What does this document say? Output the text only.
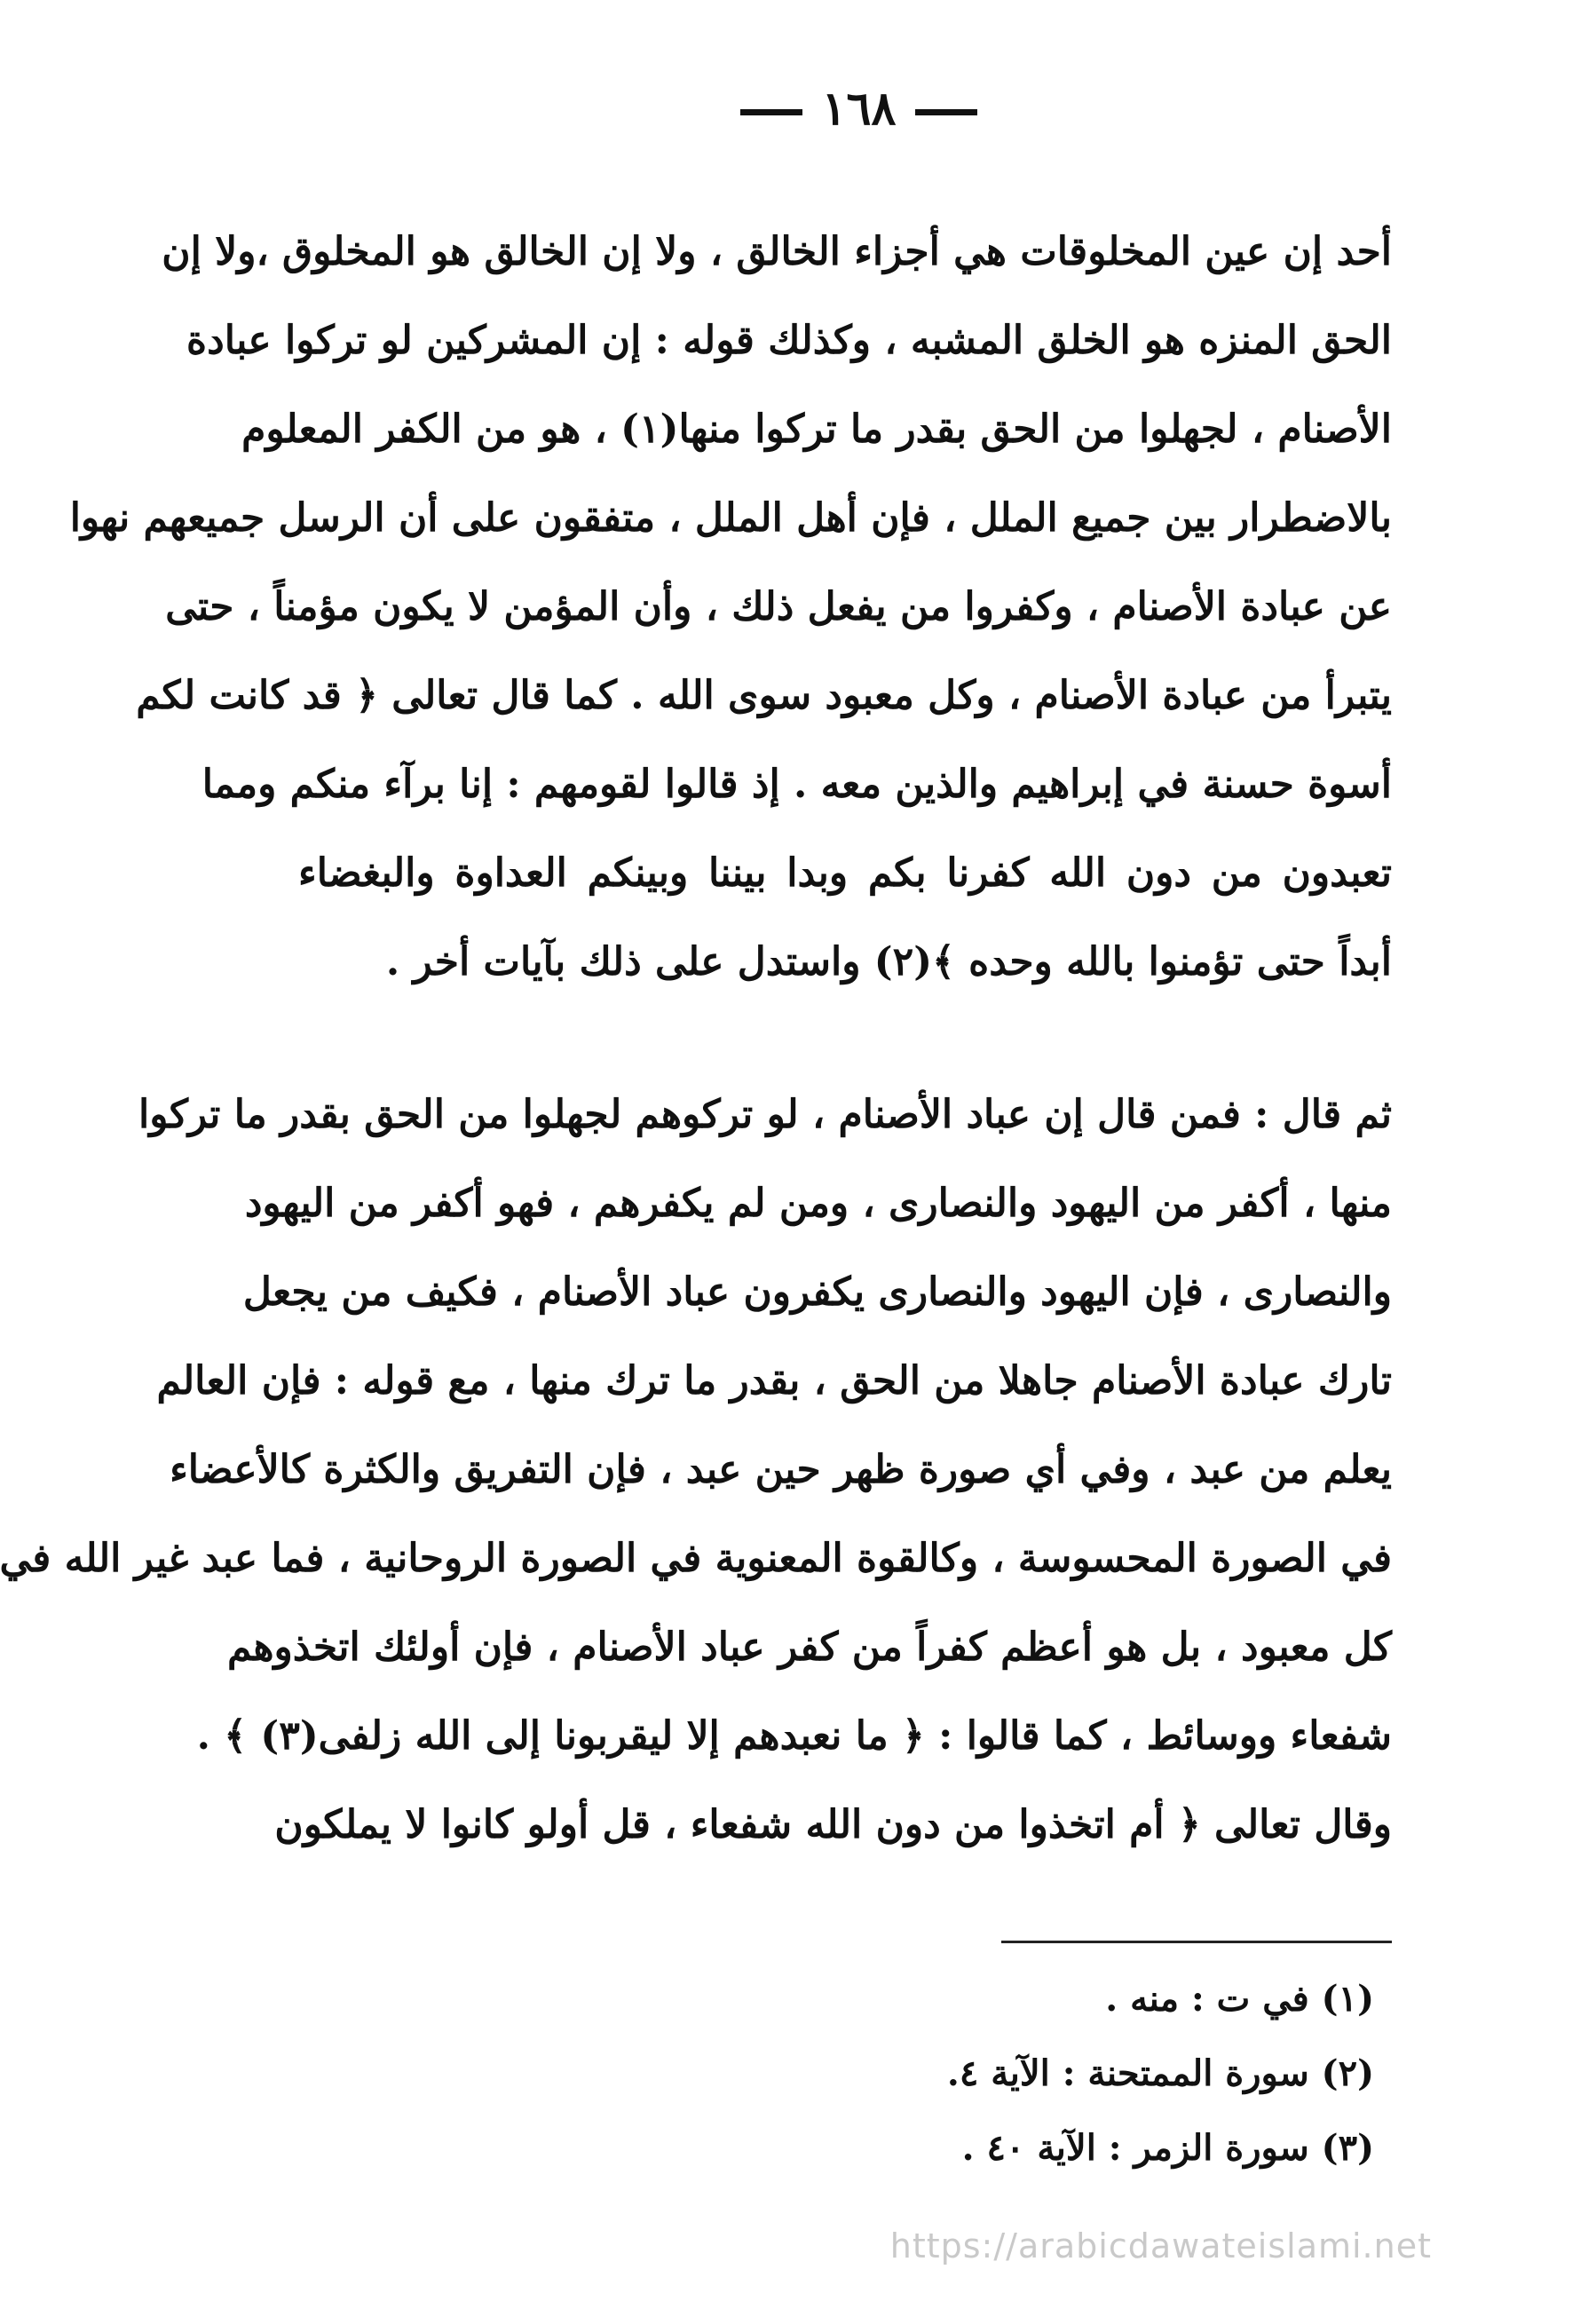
١٦٨
أحد إن عين المخلوقات هي أجزاء الخالق ، ولا إن الخالق هو المخلوق ،ولا إن
الحق المنزه هو الخلق المشبه ، وكذلك قوله : إن المشركين لو تركوا عبادة
الأصنام ، لجهلوا من الحق بقدر ما تركوا منها(١) ، هو من الكفر المعلوم
بالاضطرار بين جميع الملل ، فإن أهل الملل ، متفقون على أن الرسل جميعهم نهوا
عن عبادة الأصنام ، وكفروا من يفعل ذلك ، وأن المؤمن لا يكون مؤمناً ، حتى
يتبرأ من عبادة الأصنام ، وكل معبود سوى الله . كما قال تعالى ﴿ قد كانت لكم
أسوة حسنة في إبراهيم والذين معه . إذ قالوا لقومهم : إنا برآء منكم ومما
تعبدون من دون الله كفرنا بكم وبدا بيننا وبينكم العداوة والبغضاء
أبداً حتى تؤمنوا بالله وحده ﴾(٢) واستدل على ذلك بآيات أخر .
ثم قال : فمن قال إن عباد الأصنام ، لو تركوهم لجهلوا من الحق بقدر ما تركوا
منها ، أكفر من اليهود والنصارى ، ومن لم يكفرهم ، فهو أكفر من اليهود
والنصارى ، فإن اليهود والنصارى يكفرون عباد الأصنام ، فكيف من يجعل
تارك عبادة الأصنام جاهلا من الحق ، بقدر ما ترك منها ، مع قوله : فإن العالم
يعلم من عبد ، وفي أي صورة ظهر حين عبد ، فإن التفريق والكثرة كالأعضاء
في الصورة المحسوسة ، وكالقوة المعنوية في الصورة الروحانية ، فما عبد غير الله في
كل معبود ، بل هو أعظم كفراً من كفر عباد الأصنام ، فإن أولئك اتخذوهم
شفعاء ووسائط ، كما قالوا : ﴿ ما نعبدهم إلا ليقربونا إلى الله زلفى(٣) ﴾ .
وقال تعالى ﴿ أم اتخذوا من دون الله شفعاء ، قل أولو كانوا لا يملكون
(١) في ت : منه .
(٢) سورة الممتحنة : الآية ٤.
(٣) سورة الزمر : الآية ٤٠ .
https://arabicdawateislami.net
